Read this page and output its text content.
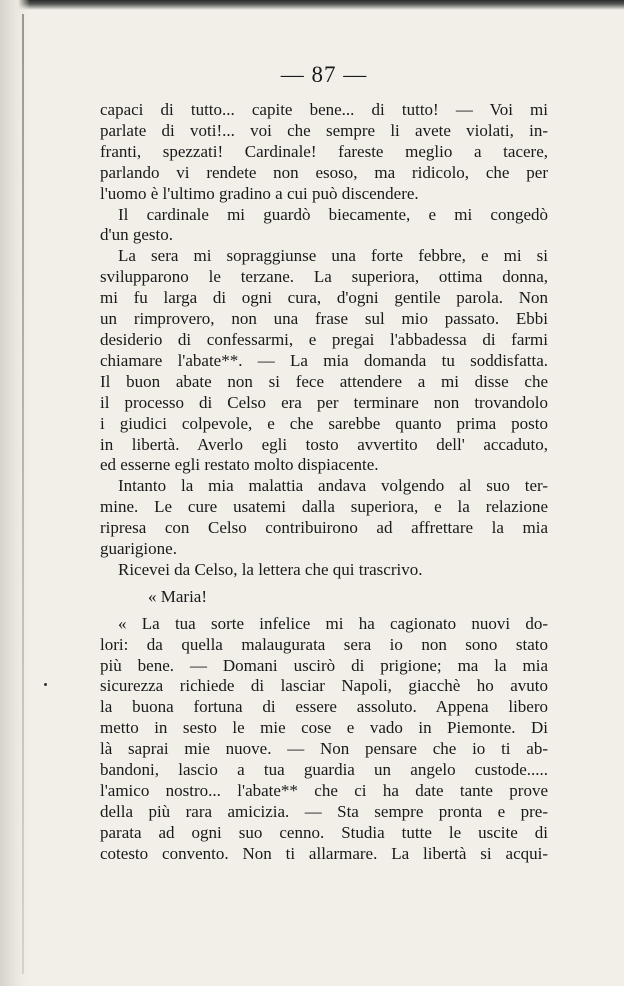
— 87 —
capaci di tutto... capite bene... di tutto! — Voi mi
parlate di voti!... voi che sempre li avete violati, in-
franti, spezzati! Cardinale! fareste meglio a tacere,
parlando vi rendete non esoso, ma ridicolo, che per
l'uomo è l'ultimo gradino a cui può discendere.
Il cardinale mi guardò biecamente, e mi congedò
d'un gesto.
La sera mi sopraggiunse una forte febbre, e mi si
svilupparono le terzane. La superiora, ottima donna,
mi fu larga di ogni cura, d'ogni gentile parola. Non
un rimprovero, non una frase sul mio passato. Ebbi
desiderio di confessarmi, e pregai l'abbadessa di farmi
chiamare l'abate**. — La mia domanda tu soddisfatta.
Il buon abate non si fece attendere a mi disse che
il processo di Celso era per terminare non trovandolo
i giudici colpevole, e che sarebbe quanto prima posto
in libertà. Averlo egli tosto avvertito dell' accaduto,
ed esserne egli restato molto dispiacente.
Intanto la mia malattia andava volgendo al suo ter-
mine. Le cure usatemi dalla superiora, e la relazione
ripresa con Celso contribuirono ad affrettare la mia
guarigione.
Ricevei da Celso, la lettera che qui trascrivo.
« Maria!
« La tua sorte infelice mi ha cagionato nuovi do-
lori: da quella malaugurata sera io non sono stato
più bene. — Domani uscirò di prigione; ma la mia
sicurezza richiede di lasciar Napoli, giacchè ho avuto
la buona fortuna di essere assoluto. Appena libero
metto in sesto le mie cose e vado in Piemonte. Di
là saprai mie nuove. — Non pensare che io ti ab-
bandoni, lascio a tua guardia un angelo custode.....
l'amico nostro... l'abate** che ci ha date tante prove
della più rara amicizia. — Sta sempre pronta e pre-
parata ad ogni suo cenno. Studia tutte le uscite di
cotesto convento. Non ti allarmare. La libertà si acqui-
